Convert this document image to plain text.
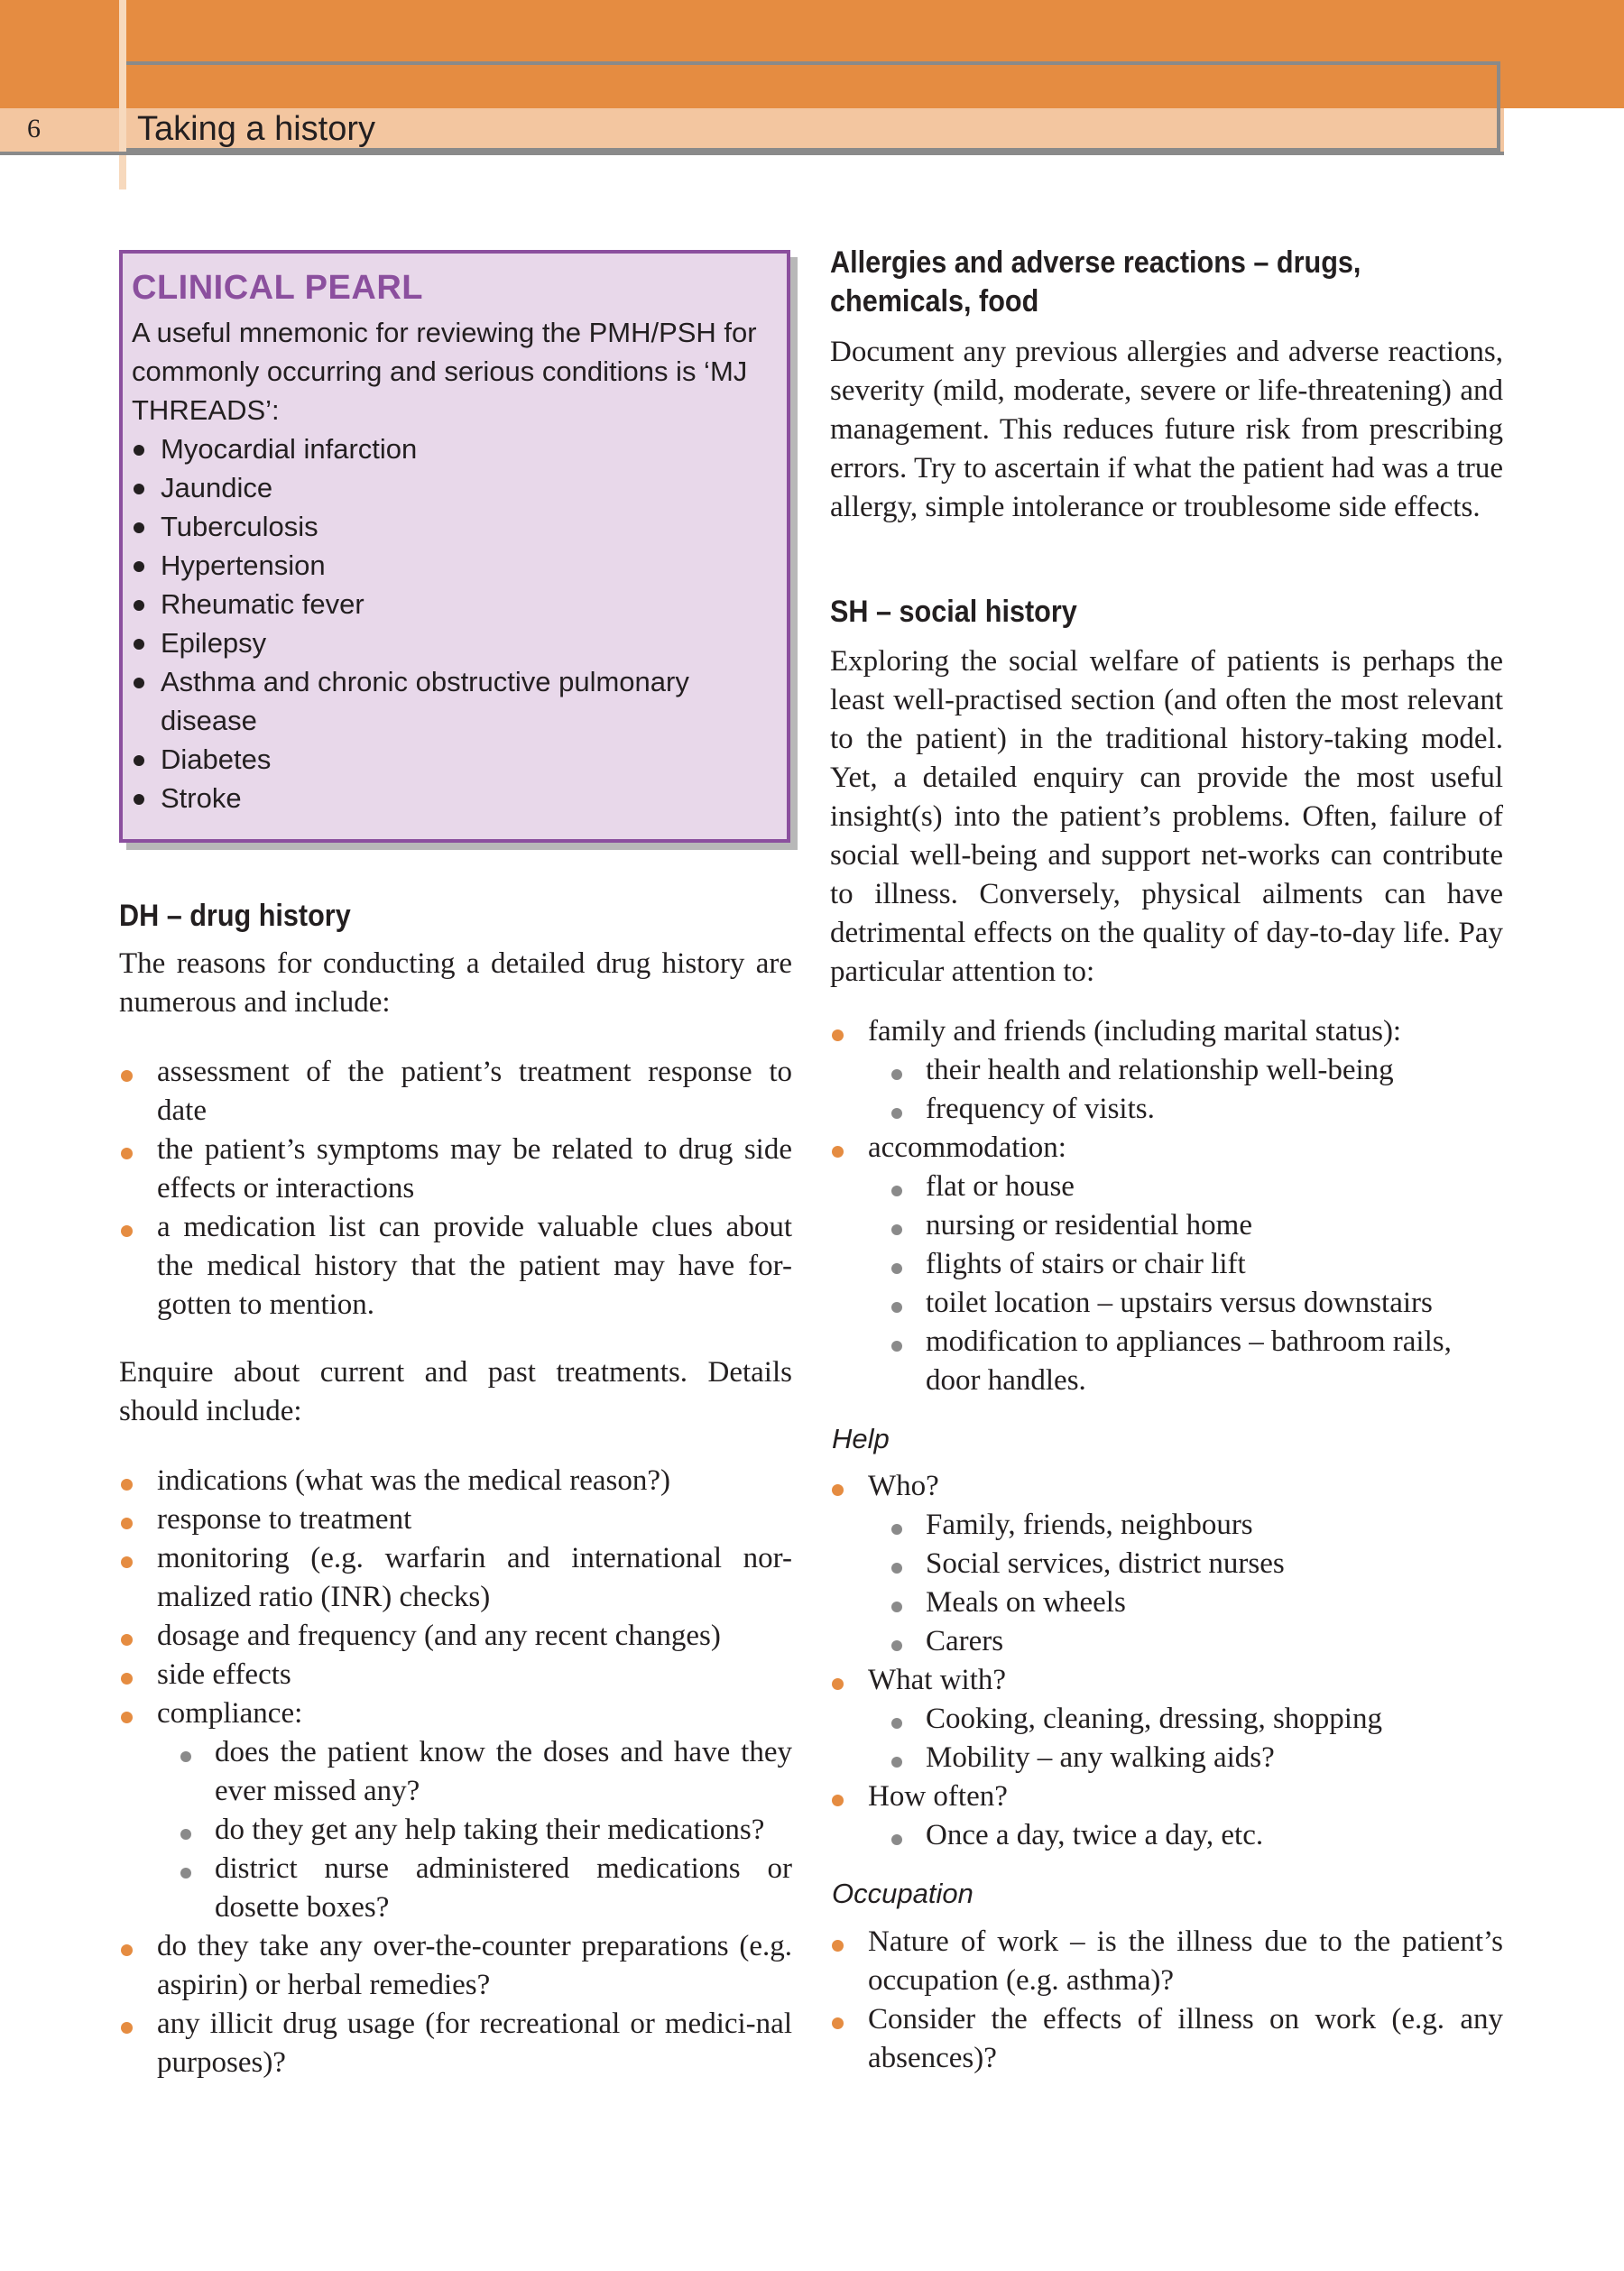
6	Taking a history
CLINICAL PEARL
A useful mnemonic for reviewing the PMH/PSH for commonly occurring and serious conditions is ‘MJ THREADS’:
Myocardial infarction
Jaundice
Tuberculosis
Hypertension
Rheumatic fever
Epilepsy
Asthma and chronic obstructive pulmonary disease
Diabetes
Stroke
DH – drug history
The reasons for conducting a detailed drug history are numerous and include:
assessment of the patient’s treatment response to date
the patient’s symptoms may be related to drug side effects or interactions
a medication list can provide valuable clues about the medical history that the patient may have for-gotten to mention.
Enquire about current and past treatments. Details should include:
indications (what was the medical reason?)
response to treatment
monitoring (e.g. warfarin and international nor-malized ratio (INR) checks)
dosage and frequency (and any recent changes)
side effects
compliance:
does the patient know the doses and have they ever missed any?
do they get any help taking their medications?
district nurse administered medications or dosette boxes?
do they take any over-the-counter preparations (e.g. aspirin) or herbal remedies?
any illicit drug usage (for recreational or medici-nal purposes)?
Allergies and adverse reactions – drugs, chemicals, food
Document any previous allergies and adverse reactions, severity (mild, moderate, severe or life-threatening) and management. This reduces future risk from prescribing errors. Try to ascertain if what the patient had was a true allergy, simple intolerance or troublesome side effects.
SH – social history
Exploring the social welfare of patients is perhaps the least well-practised section (and often the most relevant to the patient) in the traditional history-taking model. Yet, a detailed enquiry can provide the most useful insight(s) into the patient’s problems. Often, failure of social well-being and support net-works can contribute to illness. Conversely, physical ailments can have detrimental effects on the quality of day-to-day life. Pay particular attention to:
family and friends (including marital status):
their health and relationship well-being
frequency of visits.
accommodation:
flat or house
nursing or residential home
flights of stairs or chair lift
toilet location – upstairs versus downstairs
modification to appliances – bathroom rails, door handles.
Help
Who?
Family, friends, neighbours
Social services, district nurses
Meals on wheels
Carers
What with?
Cooking, cleaning, dressing, shopping
Mobility – any walking aids?
How often?
Once a day, twice a day, etc.
Occupation
Nature of work – is the illness due to the patient’s occupation (e.g. asthma)?
Consider the effects of illness on work (e.g. any absences)?
